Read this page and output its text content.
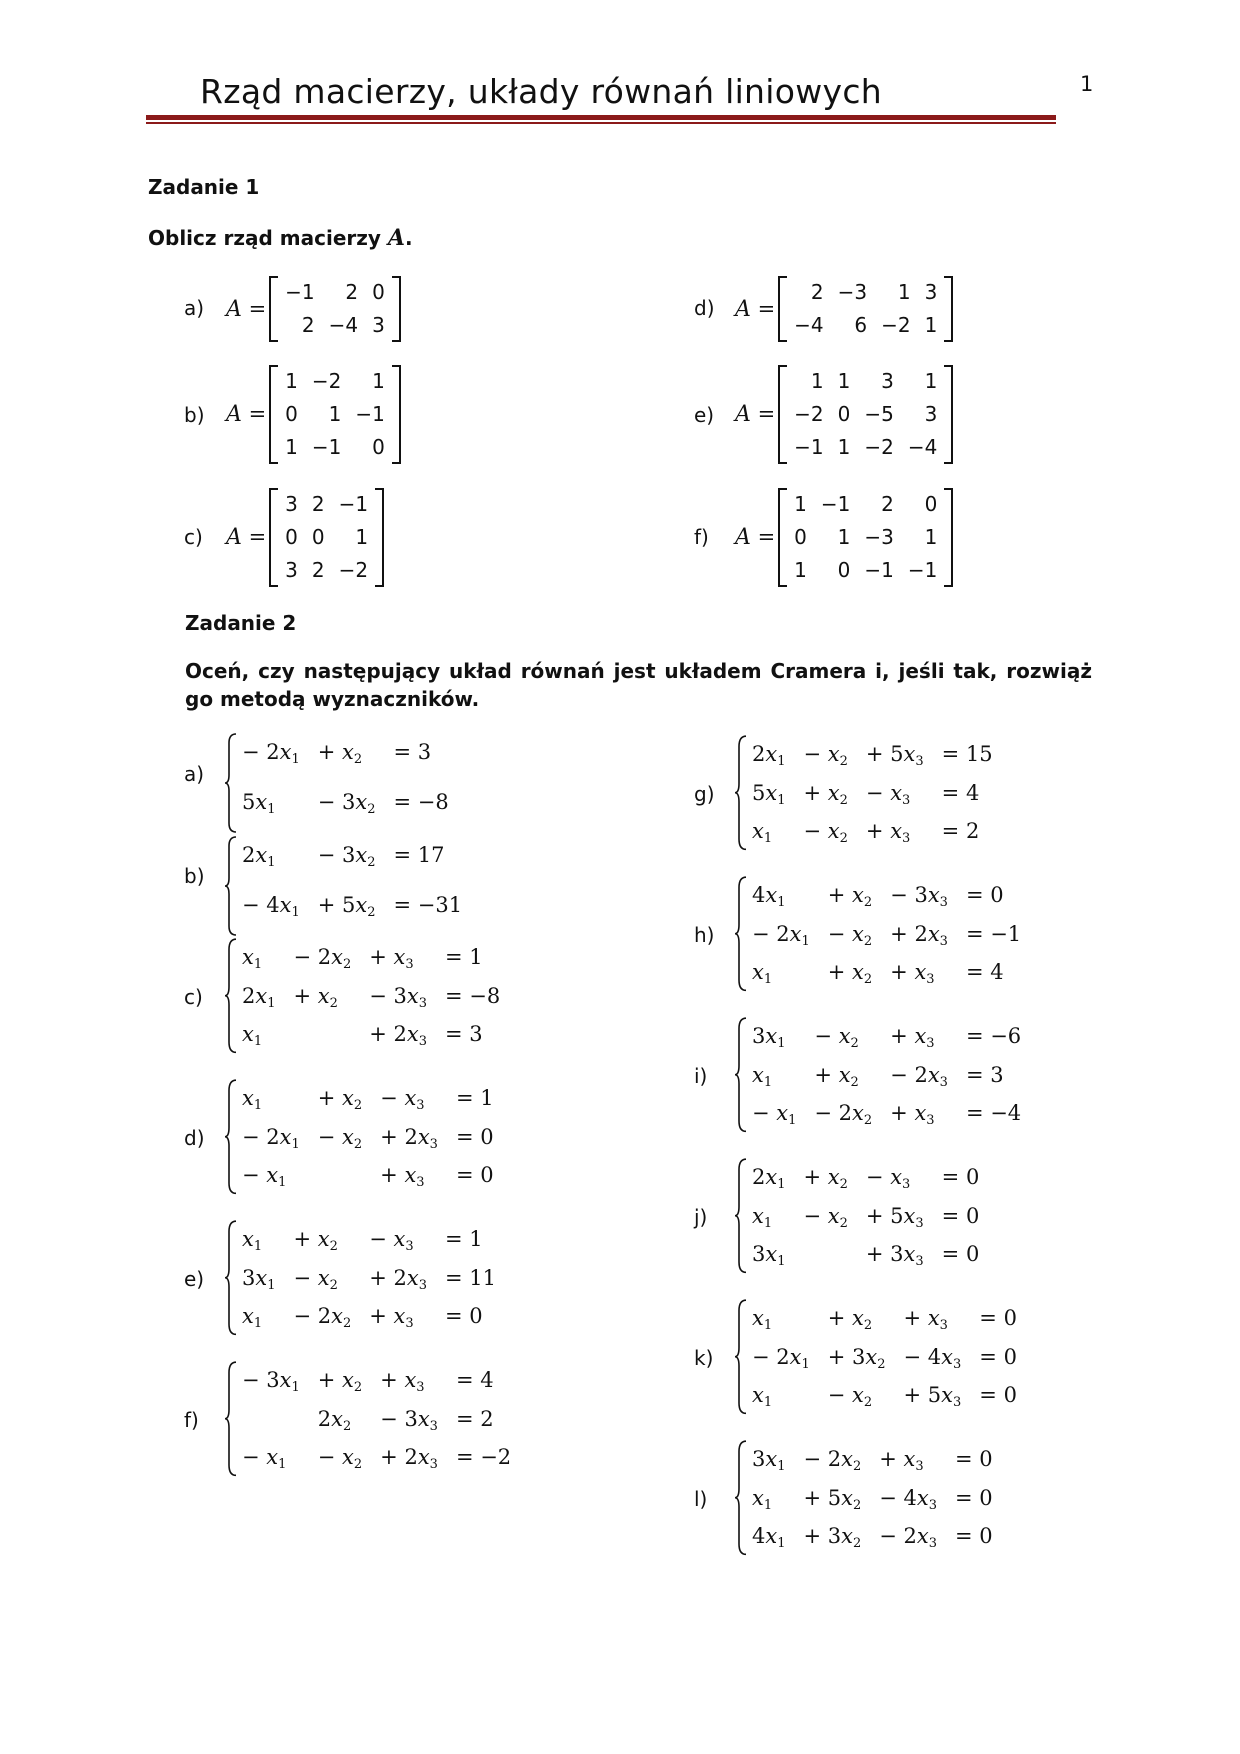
Rząd macierzy, układy równań liniowych	1
Zadanie 1
Oblicz rząd macierzy A.
a) A =
−1	2 0
2 −4 3
b) A =
1 −2	1
0	1 −1
1 −1	0
c) A =
3 2 −1
0 0	1
3 2 −2
d) A =
2 −3	1 3
−4	6 −2 1
e) A =
1 1	3	1
−2 0 −5	3
−1 1 −2 −4
f) A =
1 −1	2	0
0	1 −3	1
1	0 −1 −1
Zadanie 2
Oceń, czy następujący układ równań jest układem Cramera i, jeśli tak, rozwiąż go metodą wyznaczników.
a)
− $2x_1 + x_2$	= 3
$5x_1$	− $3x_2 = -8$
b)
$2x_1$	− $3x_2 = 17$
− $4x_1 + 5x_2 = -31$
c)
$x_1$	− $2x_2 + x_3$	= 1
$2x_1 + x_2$	− $3x_3 = -8$
$x_1$	+ $2x_3 = 3$
d)
$x_1$	+ $x_2 - x_3$	= 1
− $2x_1 - x_2 + 2x_3 = 0$
− $x_1$	+ $x_3$	= 0
e)
$x_1$	+ $x_2$	− $x_3$	= 1
$3x_1 - x_2$	+ $2x_3 = 11$
$x_1$	− $2x_2 + x_3$	= 0
f)
− $3x_1 + x_2 + x_3$	= 4
$2x_2$	− $3x_3 = 2$
− $x_1$	− $x_2 + 2x_3 = -2$
g)
$2x_1 - x_2 + 5x_3 = 15$
$5x_1 + x_2 - x_3$	= 4
$x_1$	− $x_2 + x_3$	= 2
h)
$4x_1$	+ $x_2 - 3x_3 = 0$
− $2x_1 - x_2 + 2x_3 = -1$
$x_1$	+ $x_2 + x_3$	= 4
i)
$3x_1$	− $x_2$	+ $x_3$	= −6
$x_1$	+ $x_2$	− $2x_3 = 3$
− $x_1 - 2x_2 + x_3$	= −4
j)
$2x_1 + x_2 - x_3$	= 0
$x_1$	− $x_2 + 5x_3 = 0$
$3x_1$	+ $3x_3 = 0$
k)
$x_1$	+ $x_2$	+ $x_3$	= 0
− $2x_1 + 3x_2 - 4x_3 = 0$
$x_1$	− $x_2$	+ $5x_3 = 0$
l)
$3x_1 - 2x_2 + x_3$	= 0
$x_1$	+ $5x_2 - 4x_3 = 0$
$4x_1 + 3x_2 - 2x_3 = 0$
